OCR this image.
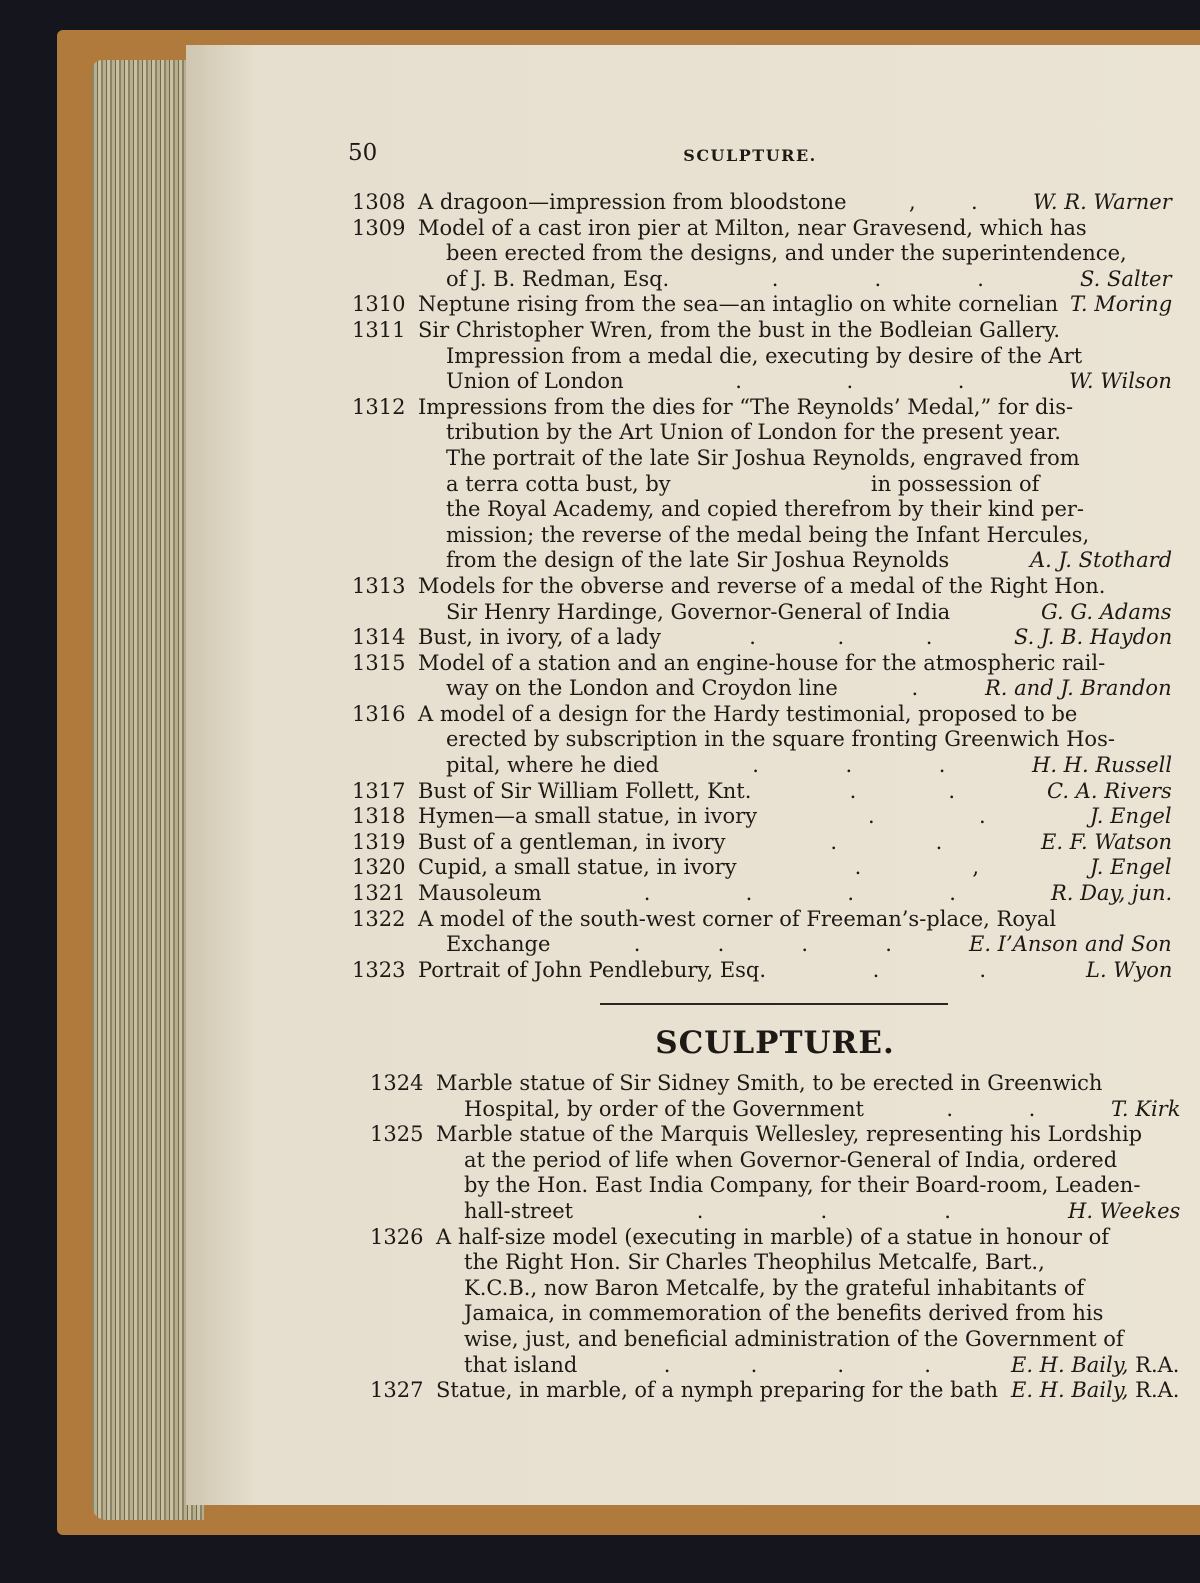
50	SCULPTURE.
1308 A dragoon—impression from bloodstone	W. R. Warner
,	.
1309 Model of a cast iron pier at Milton, near Gravesend, which has
been erected from the designs, and under the superintendence,
of J. B. Redman, Esq.	S. Salter
.	.	.
1310 Neptune rising from the sea—an intaglio on white cornelian T. Moring
1311 Sir Christopher Wren, from the bust in the Bodleian Gallery.
Impression from a medal die, executing by desire of the Art
Union of London	W. Wilson
.	.	.
1312 Impressions from the dies for “The Reynolds’ Medal,” for dis-
tribution by the Art Union of London for the present year.
The portrait of the late Sir Joshua Reynolds, engraved from
a terra cotta bust, by                              in possession of
the Royal Academy, and copied therefrom by their kind per-
mission; the reverse of the medal being the Infant Hercules,
from the design of the late Sir Joshua Reynolds	A. J. Stothard
1313 Models for the obverse and reverse of a medal of the Right Hon.
Sir Henry Hardinge, Governor-General of India	G. G. Adams
1314 Bust, in ivory, of a lady	S. J. B. Haydon
.	.	.
1315 Model of a station and an engine-house for the atmospheric rail-
way on the London and Croydon line	R. and J. Brandon
.
1316 A model of a design for the Hardy testimonial, proposed to be
erected by subscription in the square fronting Greenwich Hos-
pital, where he died	H. H. Russell
.	.	.
1317 Bust of Sir William Follett, Knt.	C. A. Rivers
.	.
1318 Hymen—a small statue, in ivory	J. Engel
.	.
1319 Bust of a gentleman, in ivory	E. F. Watson
.	.
1320 Cupid, a small statue, in ivory	J. Engel
.	,
1321 Mausoleum	R. Day, jun.
.	.	.	.
1322 A model of the south-west corner of Freeman’s-place, Royal
Exchange	E. I’Anson and Son
.	.	.	.
1323 Portrait of John Pendlebury, Esq.	L. Wyon
.	.
SCULPTURE.
1324 Marble statue of Sir Sidney Smith, to be erected in Greenwich
Hospital, by order of the Government	T. Kirk
.	.
1325 Marble statue of the Marquis Wellesley, representing his Lordship
at the period of life when Governor-General of India, ordered
by the Hon. East India Company, for their Board-room, Leaden-
hall-street	H. Weekes
.	.	.
1326 A half-size model (executing in marble) of a statue in honour of
the Right Hon. Sir Charles Theophilus Metcalfe, Bart.,
K.C.B., now Baron Metcalfe, by the grateful inhabitants of
Jamaica, in commemoration of the benefits derived from his
wise, just, and beneficial administration of the Government of
that island	E. H. Baily, R.A.
.	.	.	.
1327 Statue, in marble, of a nymph preparing for the bath E. H. Baily, R.A.
